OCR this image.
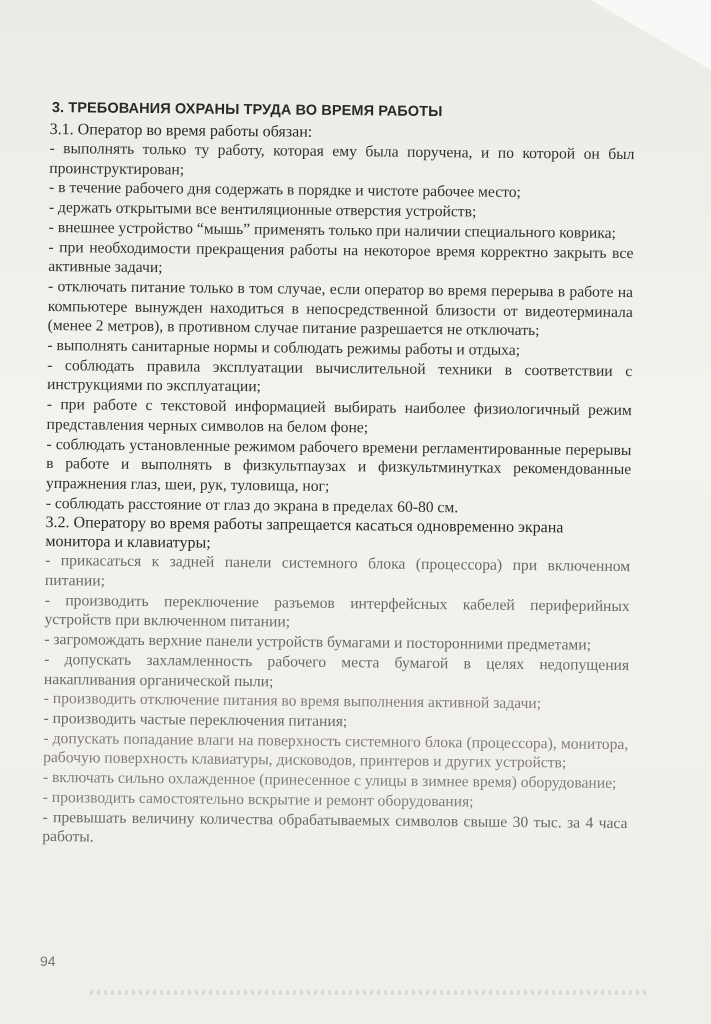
3. ТРЕБОВАНИЯ ОХРАНЫ ТРУДА ВО ВРЕМЯ РАБОТЫ

3.1. Оператор во время работы обязан:

- выполнять только ту работу, которая ему была поручена, и по которой он был проинструктирован;

- в течение рабочего дня содержать в порядке и чистоте рабочее место;

- держать открытыми все вентиляционные отверстия устройств;

- внешнее устройство “мышь” применять только при наличии специального коврика;

- при необходимости прекращения работы на некоторое время корректно закрыть все активные задачи;

- отключать питание только в том случае, если оператор во время перерыва в работе на компьютере вынужден находиться в непосредственной близости от видеотерминала (менее 2 метров), в противном случае питание разрешается не отключать;

- выполнять санитарные нормы и соблюдать режимы работы и отдыха;

- соблюдать правила эксплуатации вычислительной техники в соответствии с инструкциями по эксплуатации;

- при работе с текстовой информацией выбирать наиболее физиологичный режим представления черных символов на белом фоне;

- соблюдать установленные режимом рабочего времени регламентированные перерывы в работе и выполнять в физкультпаузах и физкультминутках рекомендованные упражнения глаз, шеи, рук, туловища, ног;

- соблюдать расстояние от глаз до экрана в пределах 60-80 см.

3.2. Оператору во время работы запрещается касаться одновременно экрана монитора и клавиатуры;

- прикасаться к задней панели системного блока (процессора) при включенном питании;

- производить переключение разъемов интерфейсных кабелей периферийных устройств при включенном питании;

- загромождать верхние панели устройств бумагами и посторонними предметами;

- допускать захламленность рабочего места бумагой в целях недопущения накапливания органической пыли;

- производить отключение питания во время выполнения активной задачи;

- производить частые переключения питания;

- допускать попадание влаги на поверхность системного блока (процессора), монитора, рабочую поверхность клавиатуры, дисководов, принтеров и других устройств;

- включать сильно охлажденное (принесенное с улицы в зимнее время) оборудование;

- производить самостоятельно вскрытие и ремонт оборудования;

- превышать величину количества обрабатываемых символов свыше 30 тыс. за 4 часа работы.

94
